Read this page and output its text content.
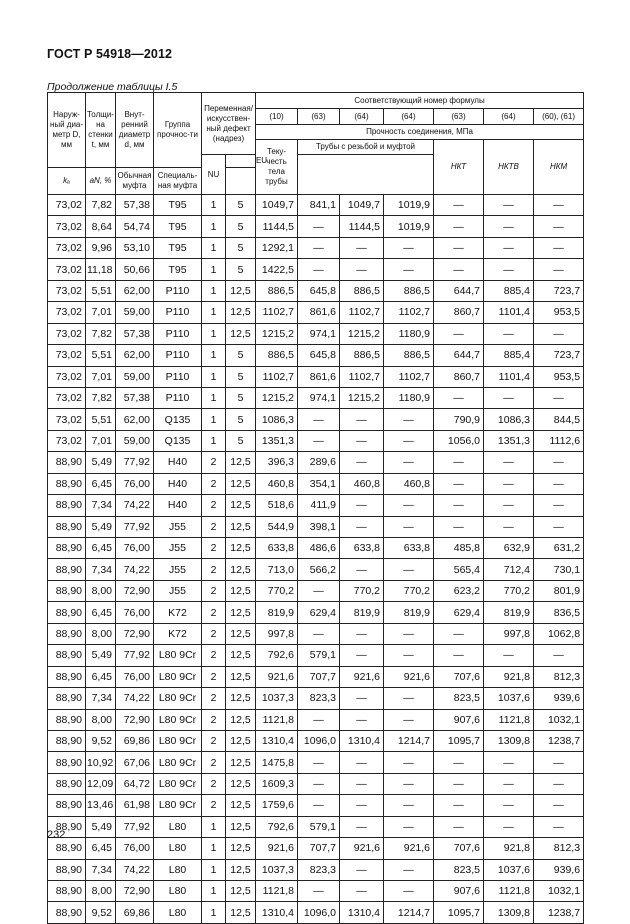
ГОСТ Р 54918—2012
Продолжение таблицы I.5
Наруж-ный диа-метр D, мм	Толщи-на стенки t, мм	Внут-ренний диаметр d, мм	Группа прочнос-ти	Переменная/искусствен-ный дефект (надрез)		Соответствующий номер формулы						
						(10)	(63)	(64)	(64)	(63)	(64)	(60), (61)
						Прочность соединения, МПа						
						Теку-честь тела трубы	Трубы с резьбой и муфтой			НКТ	НКТВ	НКМ
				NU	EU							
kₐ	aN, %	Обычная муфта	Специаль-ная муфта									
73,02	7,82	57,38	T95	1	5	1049,7	841,1	1049,7	1019,9	—	—	—
73,02	8,64	54,74	T95	1	5	1144,5	—	1144,5	1019,9	—	—	—
73,02	9,96	53,10	T95	1	5	1292,1	—	—	—	—	—	—
73,02	11,18	50,66	T95	1	5	1422,5	—	—	—	—	—	—
73,02	5,51	62,00	P110	1	12,5	886,5	645,8	886,5	886,5	644,7	885,4	723,7
73,02	7,01	59,00	P110	1	12,5	1102,7	861,6	1102,7	1102,7	860,7	1101,4	953,5
73,02	7,82	57,38	P110	1	12,5	1215,2	974,1	1215,2	1180,9	—	—	—
73,02	5,51	62,00	P110	1	5	886,5	645,8	886,5	886,5	644,7	885,4	723,7
73,02	7,01	59,00	P110	1	5	1102,7	861,6	1102,7	1102,7	860,7	1101,4	953,5
73,02	7,82	57,38	P110	1	5	1215,2	974,1	1215,2	1180,9	—	—	—
73,02	5,51	62,00	Q135	1	5	1086,3	—	—	—	790,9	1086,3	844,5
73,02	7,01	59,00	Q135	1	5	1351,3	—	—	—	1056,0	1351,3	1112,6
88,90	5,49	77,92	H40	2	12,5	396,3	289,6	—	—	—	—	—
88,90	6,45	76,00	H40	2	12,5	460,8	354,1	460,8	460,8	—	—	—
88,90	7,34	74,22	H40	2	12,5	518,6	411,9	—	—	—	—	—
88,90	5,49	77,92	J55	2	12,5	544,9	398,1	—	—	—	—	—
88,90	6,45	76,00	J55	2	12,5	633,8	486,6	633,8	633,8	485,8	632,9	631,2
88,90	7,34	74,22	J55	2	12,5	713,0	566,2	—	—	565,4	712,4	730,1
88,90	8,00	72,90	J55	2	12,5	770,2	—	770,2	770,2	623,2	770,2	801,9
88,90	6,45	76,00	K72	2	12,5	819,9	629,4	819,9	819,9	629,4	819,9	836,5
88,90	8,00	72,90	K72	2	12,5	997,8	—	—	—	—	997,8	1062,8
88,90	5,49	77,92	L80 9Cr	2	12,5	792,6	579,1	—	—	—	—	—
88,90	6,45	76,00	L80 9Cr	2	12,5	921,6	707,7	921,6	921,6	707,6	921,8	812,3
88,90	7,34	74,22	L80 9Cr	2	12,5	1037,3	823,3	—	—	823,5	1037,6	939,6
88,90	8,00	72,90	L80 9Cr	2	12,5	1121,8	—	—	—	907,6	1121,8	1032,1
88,90	9,52	69,86	L80 9Cr	2	12,5	1310,4	1096,0	1310,4	1214,7	1095,7	1309,8	1238,7
88,90	10,92	67,06	L80 9Cr	2	12,5	1475,8	—	—	—	—	—	—
88,90	12,09	64,72	L80 9Cr	2	12,5	1609,3	—	—	—	—	—	—
88,90	13,46	61,98	L80 9Cr	2	12,5	1759,6	—	—	—	—	—	—
88,90	5,49	77,92	L80	1	12,5	792,6	579,1	—	—	—	—	—
88,90	6,45	76,00	L80	1	12,5	921,6	707,7	921,6	921,6	707,6	921,8	812,3
88,90	7,34	74,22	L80	1	12,5	1037,3	823,3	—	—	823,5	1037,6	939,6
88,90	8,00	72,90	L80	1	12,5	1121,8	—	—	—	907,6	1121,8	1032,1
88,90	9,52	69,86	L80	1	12,5	1310,4	1096,0	1310,4	1214,7	1095,7	1309,8	1238,7
232
